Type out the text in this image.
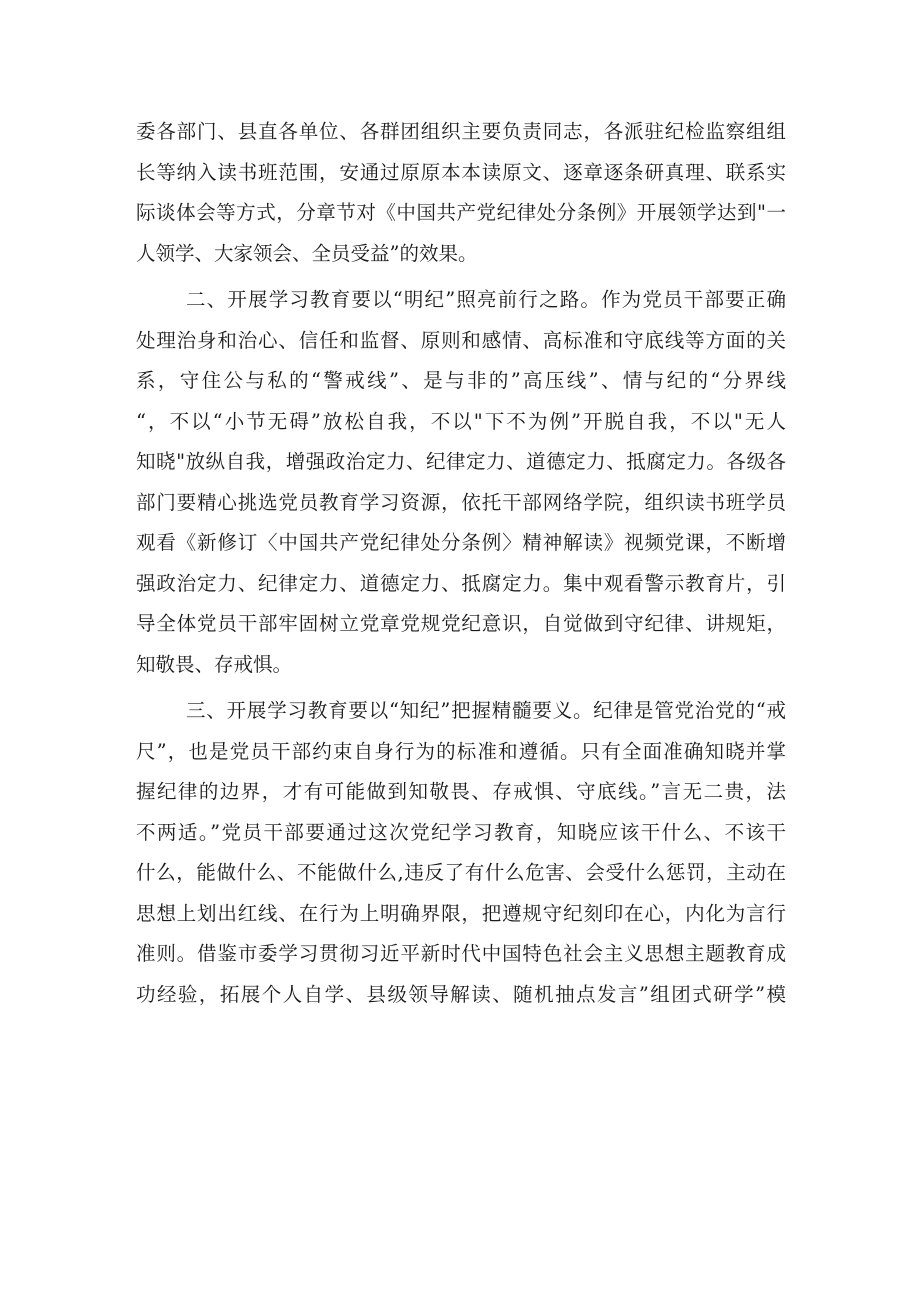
委各部门、县直各单位、各群团组织主要负责同志，各派驻纪检监察组组
长等纳入读书班范围，安通过原原本本读原文、逐章逐条研真理、联系实
际谈体会等方式，分章节对《中国共产党纪律处分条例》开展领学达到"一
人领学、大家领会、全员受益”的效果。
二、开展学习教育要以“明纪”照亮前行之路。作为党员干部要正确
处理治身和治心、信任和监督、原则和感情、高标准和守底线等方面的关
系，守住公与私的“警戒线”、是与非的”高压线”、情与纪的“分界线
“，不以“小节无碍”放松自我，不以"下不为例”开脱自我，不以"无人
知晓"放纵自我，增强政治定力、纪律定力、道德定力、抵腐定力。各级各
部门要精心挑选党员教育学习资源，依托干部网络学院，组织读书班学员
观看《新修订〈中国共产党纪律处分条例〉精神解读》视频党课，不断增
强政治定力、纪律定力、道德定力、抵腐定力。集中观看警示教育片，引
导全体党员干部牢固树立党章党规党纪意识，自觉做到守纪律、讲规矩，
知敬畏、存戒惧。
三、开展学习教育要以“知纪”把握精髓要义。纪律是管党治党的“戒
尺”，也是党员干部约束自身行为的标准和遵循。只有全面准确知晓并掌
握纪律的边界，才有可能做到知敬畏、存戒惧、守底线。”言无二贵，法
不两适。”党员干部要通过这次党纪学习教育，知晓应该干什么、不该干
什么，能做什么、不能做什么,违反了有什么危害、会受什么惩罚，主动在
思想上划出红线、在行为上明确界限，把遵规守纪刻印在心，内化为言行
准则。借鉴市委学习贯彻习近平新时代中国特色社会主义思想主题教育成
功经验，拓展个人自学、县级领导解读、随机抽点发言”组团式研学”模
